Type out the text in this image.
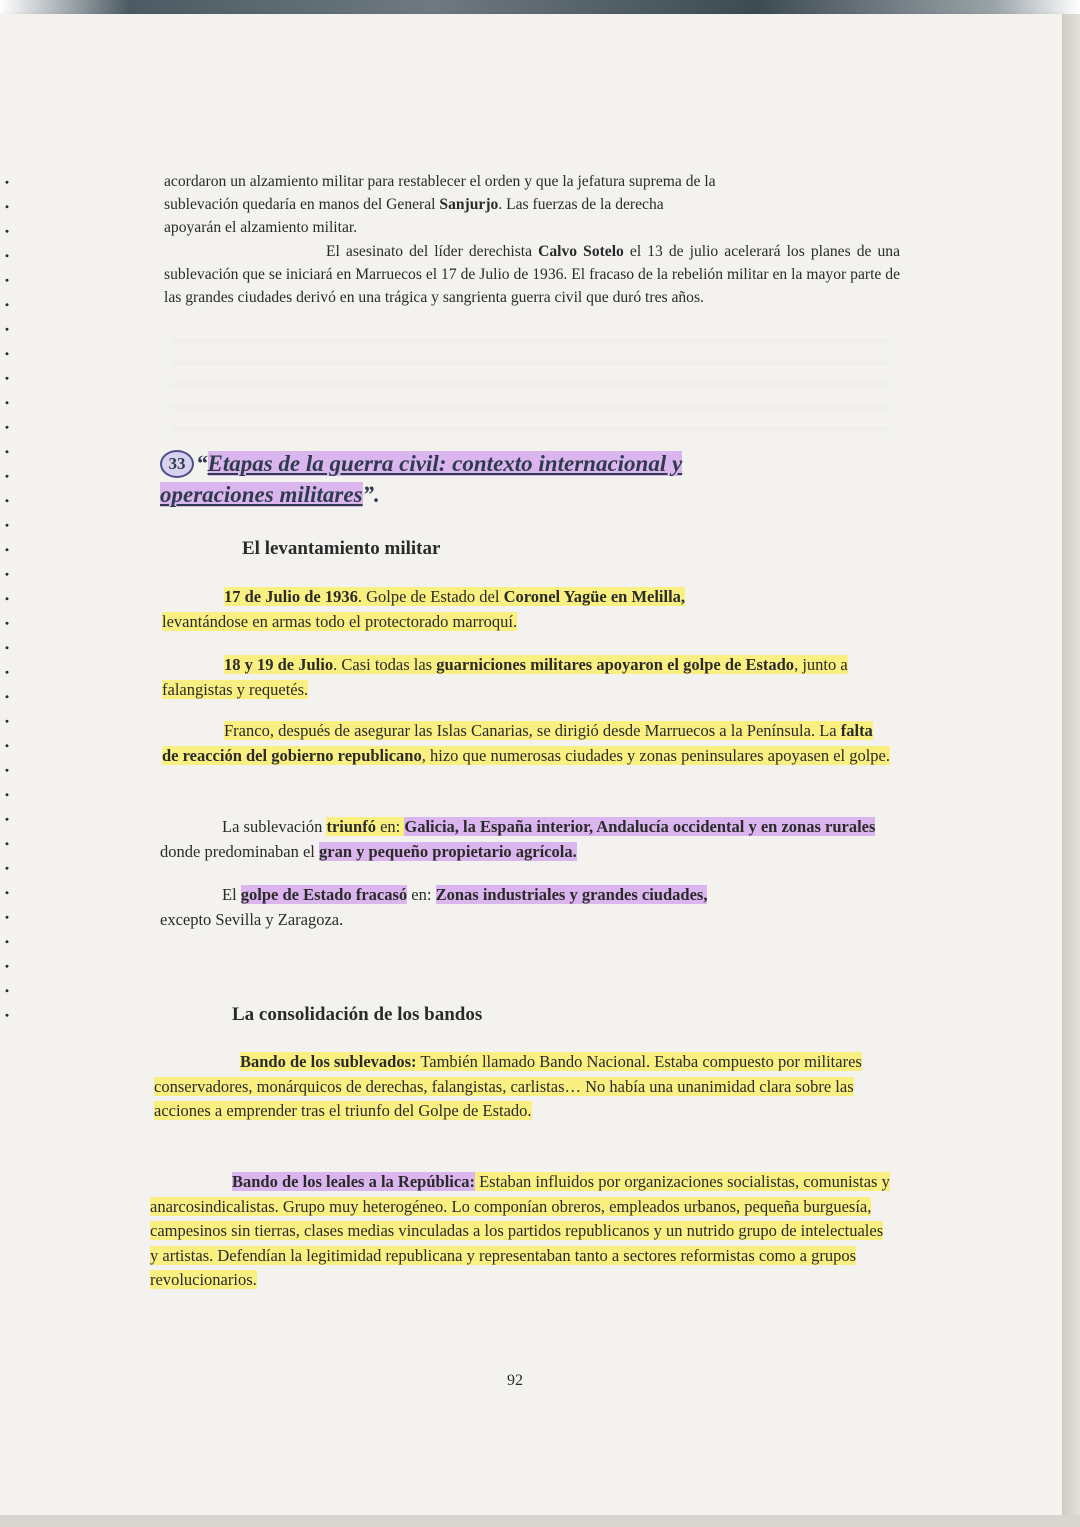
acordaron un alzamiento militar para restablecer el orden y que la jefatura suprema de la

sublevación quedaría en manos del General Sanjurjo. Las fuerzas de la derecha

apoyarán el alzamiento militar.

El asesinato del líder derechista Calvo Sotelo el 13 de julio acelerará los planes de una sublevación que se iniciará en Marruecos el 17 de Julio de 1936. El fracaso de la rebelión militar en la mayor parte de las grandes ciudades derivó en una trágica y sangrienta guerra civil que duró tres años.

33 “Etapas de la guerra civil: contexto internacional y
operaciones militares”.
El levantamiento militar

17 de Julio de 1936. Golpe de Estado del Coronel Yagüe en Melilla,

levantándose en armas todo el protectorado marroquí.

18 y 19 de Julio. Casi todas las guarniciones militares apoyaron el golpe de Estado, junto a falangistas y requetés.

Franco, después de asegurar las Islas Canarias, se dirigió desde Marruecos a la Península. La falta de reacción del gobierno republicano, hizo que numerosas ciudades y zonas peninsulares apoyasen el golpe.

La sublevación triunfó en: Galicia, la España interior, Andalucía occidental y en zonas rurales donde predominaban el gran y pequeño propietario agrícola.

El golpe de Estado fracasó en: Zonas industriales y grandes ciudades,

excepto Sevilla y Zaragoza.

La consolidación de los bandos

Bando de los sublevados: También llamado Bando Nacional. Estaba compuesto por militares conservadores, monárquicos de derechas, falangistas, carlistas… No había una unanimidad clara sobre las acciones a emprender tras el triunfo del Golpe de Estado.

Bando de los leales a la República: Estaban influidos por organizaciones socialistas, comunistas y anarcosindicalistas. Grupo muy heterogéneo. Lo componían obreros, empleados urbanos, pequeña burguesía, campesinos sin tierras, clases medias vinculadas a los partidos republicanos y un nutrido grupo de intelectuales y artistas. Defendían la legitimidad republicana y representaban tanto a sectores reformistas como a grupos revolucionarios.

92
